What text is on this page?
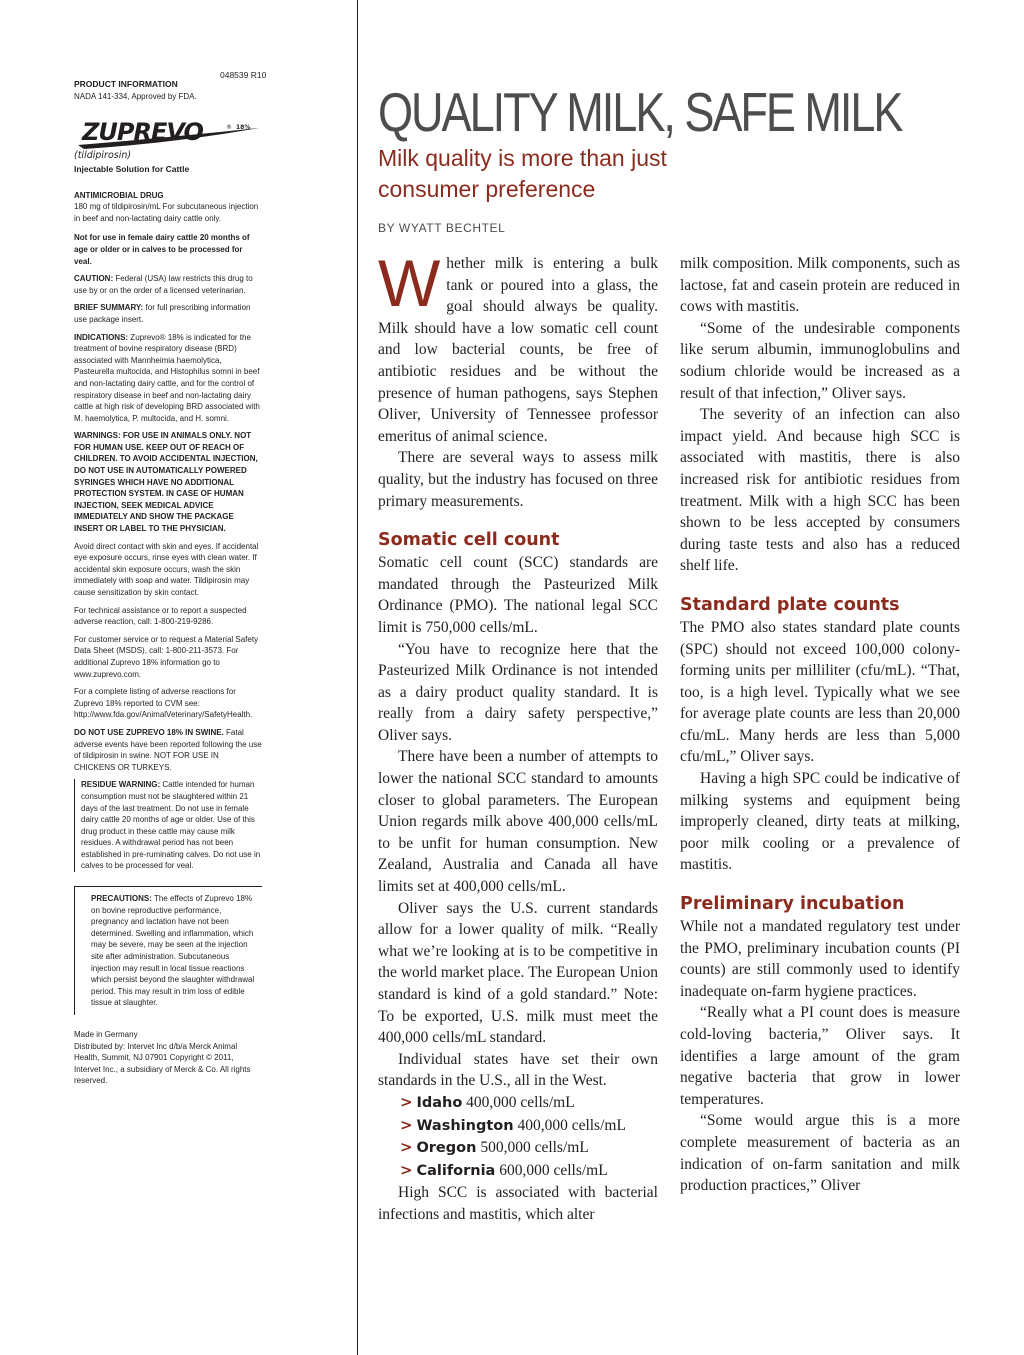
048539 R10
PRODUCT INFORMATION
NADA 141-334, Approved by FDA.
ZUPREVO	® 18%
(tildipirosin)

Injectable Solution for Cattle

ANTIMICROBIAL DRUG

180 mg of tildipirosin/mL For subcutaneous injection in beef and non-lactating dairy cattle only.

Not for use in female dairy cattle 20 months of age or older or in calves to be processed for veal.

CAUTION: Federal (USA) law restricts this drug to use by or on the order of a licensed veterinarian.

BRIEF SUMMARY: for full prescribing information use package insert.

INDICATIONS: Zuprevo® 18% is indicated for the treatment of bovine respiratory disease (BRD) associated with Mannheimia haemolytica, Pasteurella multocida, and Histophilus somni in beef and non-lactating dairy cattle, and for the control of respiratory disease in beef and non-lactating dairy cattle at high risk of developing BRD associated with M. haemolytica, P. multocida, and H. somni.

WARNINGS: FOR USE IN ANIMALS ONLY. NOT FOR HUMAN USE. KEEP OUT OF REACH OF CHILDREN. TO AVOID ACCIDENTAL INJECTION, DO NOT USE IN AUTOMATICALLY POWERED SYRINGES WHICH HAVE NO ADDITIONAL PROTECTION SYSTEM. IN CASE OF HUMAN INJECTION, SEEK MEDICAL ADVICE IMMEDIATELY AND SHOW THE PACKAGE INSERT OR LABEL TO THE PHYSICIAN.

Avoid direct contact with skin and eyes. If accidental eye exposure occurs, rinse eyes with clean water. If accidental skin exposure occurs, wash the skin immediately with soap and water. Tildipirosin may cause sensitization by skin contact.

For technical assistance or to report a suspected adverse reaction, call: 1-800-219-9286.

For customer service or to request a Material Safety Data Sheet (MSDS), call: 1-800-211-3573. For additional Zuprevo 18% information go to www.zuprevo.com.

For a complete listing of adverse reactions for Zuprevo 18% reported to CVM see: http://www.fda.gov/AnimalVeterinary/SafetyHealth.

DO NOT USE ZUPREVO 18% IN SWINE. Fatal adverse events have been reported following the use of tildipirosin in swine. NOT FOR USE IN CHICKENS OR TURKEYS.

RESIDUE WARNING: Cattle intended for human consumption must not be slaughtered within 21 days of the last treatment. Do not use in female dairy cattle 20 months of age or older. Use of this drug product in these cattle may cause milk residues. A withdrawal period has not been established in pre-ruminating calves. Do not use in calves to be processed for veal.

PRECAUTIONS: The effects of Zuprevo 18% on bovine reproductive performance, pregnancy and lactation have not been determined. Swelling and inflammation, which may be severe, may be seen at the injection site after administration. Subcutaneous injection may result in local tissue reactions which persist beyond the slaughter withdrawal period. This may result in trim loss of edible tissue at slaughter.

Made in Germany

Distributed by: Intervet Inc d/b/a Merck Animal Health, Summit, NJ 07901 Copyright © 2011, Intervet Inc., a subsidiary of Merck & Co. All rights reserved.

QUALITY MILK, SAFE MILK

Milk quality is more than just consumer preference

BY WYATT BECHTEL

Whether milk is entering a bulk tank or poured into a glass, the goal should always be quality. Milk should have a low somatic cell count and low bacterial counts, be free of antibiotic residues and be without the presence of human pathogens, says Stephen Oliver, University of Tennessee professor emeritus of animal science.

There are several ways to assess milk quality, but the industry has focused on three primary measurements.

Somatic cell count

Somatic cell count (SCC) standards are mandated through the Pasteurized Milk Ordinance (PMO). The national legal SCC limit is 750,000 cells/mL.

“You have to recognize here that the Pasteurized Milk Ordinance is not intended as a dairy product quality standard. It is really from a dairy safety perspective,” Oliver says.

There have been a number of attempts to lower the national SCC standard to amounts closer to global parameters. The European Union regards milk above 400,000 cells/mL to be unfit for human consumption. New Zealand, Australia and Canada all have limits set at 400,000 cells/mL.

Oliver says the U.S. current standards allow for a lower quality of milk. “Really what we’re looking at is to be competitive in the world market place. The European Union standard is kind of a gold standard.” Note: To be exported, U.S. milk must meet the 400,000 cells/mL standard.

Individual states have set their own standards in the U.S., all in the West.

> Idaho 400,000 cells/mL
> Washington 400,000 cells/mL
> Oregon 500,000 cells/mL
> California 600,000 cells/mL

High SCC is associated with bacterial infections and mastitis, which alter

milk composition. Milk components, such as lactose, fat and casein protein are reduced in cows with mastitis.

“Some of the undesirable components like serum albumin, immunoglobulins and sodium chloride would be increased as a result of that infection,” Oliver says.

The severity of an infection can also impact yield. And because high SCC is associated with mastitis, there is also increased risk for antibiotic residues from treatment. Milk with a high SCC has been shown to be less accepted by consumers during taste tests and also has a reduced shelf life.

Standard plate counts

The PMO also states standard plate counts (SPC) should not exceed 100,000 colony-forming units per milliliter (cfu/mL). “That, too, is a high level. Typically what we see for average plate counts are less than 20,000 cfu/mL. Many herds are less than 5,000 cfu/mL,” Oliver says.

Having a high SPC could be indicative of milking systems and equipment being improperly cleaned, dirty teats at milking, poor milk cooling or a prevalence of mastitis.

Preliminary incubation

While not a mandated regulatory test under the PMO, preliminary incubation counts (PI counts) are still commonly used to identify inadequate on-farm hygiene practices.

“Really what a PI count does is measure cold-loving bacteria,” Oliver says. It identifies a large amount of the gram negative bacteria that grow in lower temperatures.

“Some would argue this is a more complete measurement of bacteria as an indication of on-farm sanitation and milk production practices,” Oliver
